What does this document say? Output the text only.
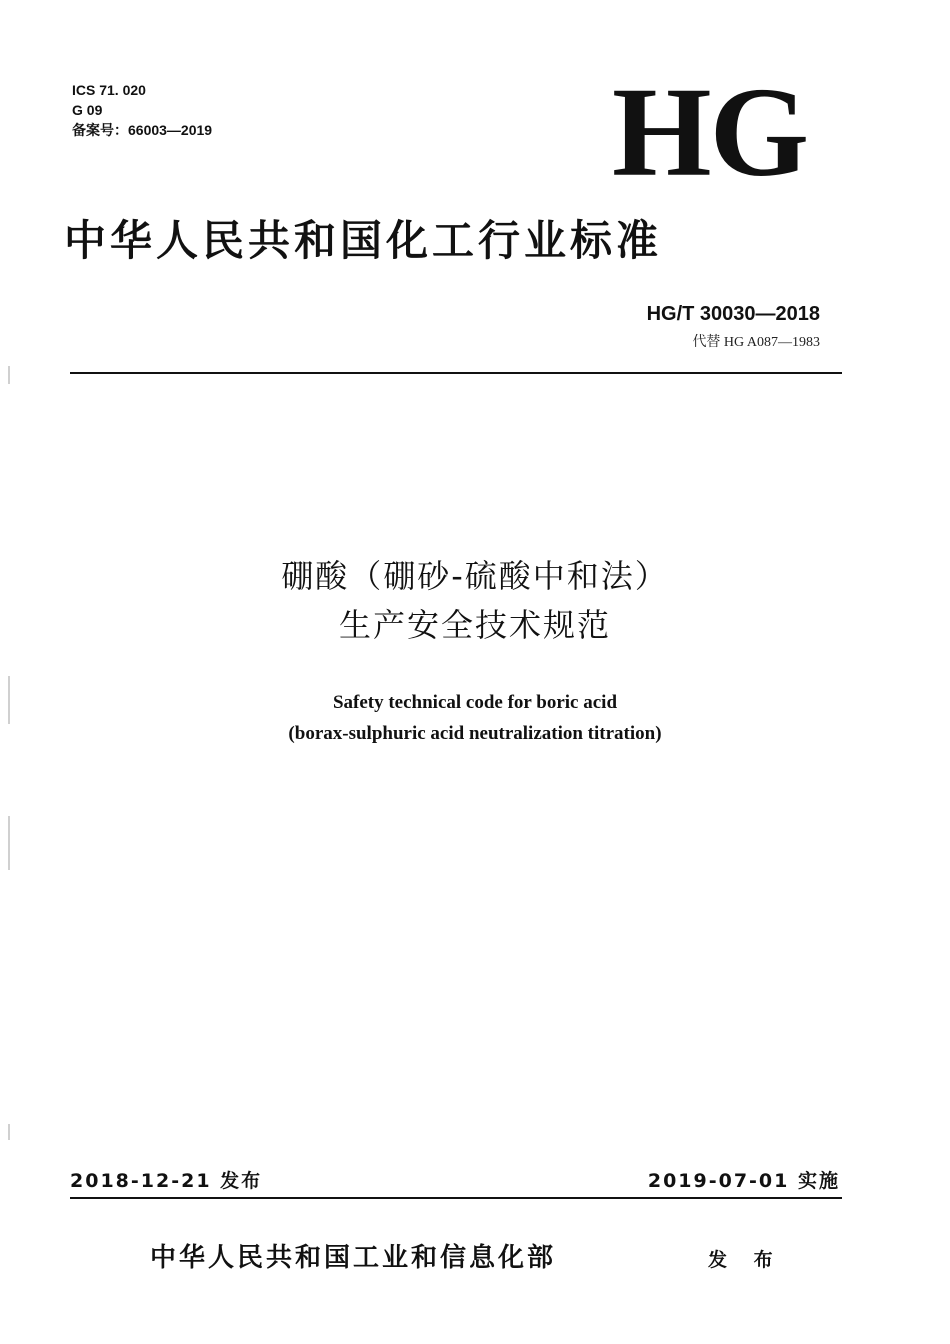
ICS 71. 020
G 09
备案号：66003—2019	HG
中华人民共和国化工行业标准
HG/T 30030—2018
代替 HG A087—1983
硼酸（硼砂-硫酸中和法）
生产安全技术规范
Safety technical code for boric acid
(borax-sulphuric acid neutralization titration)
2018-12-21 发布	2019-07-01 实施
中华人民共和国工业和信息化部	发 布
